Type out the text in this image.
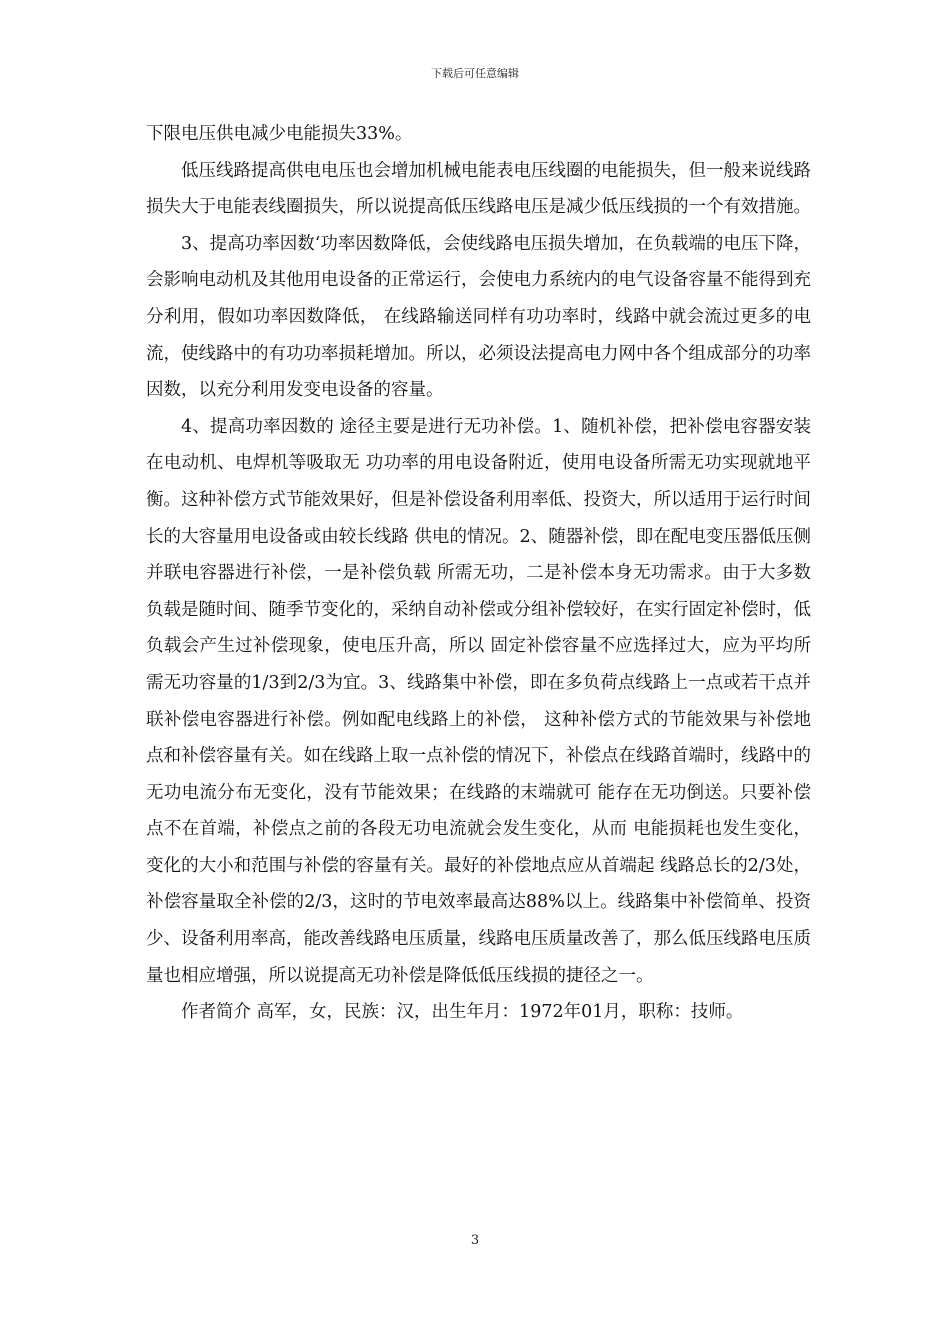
下载后可任意编辑

下限电压供电减少电能损失33%。

低压线路提高供电电压也会增加机械电能表电压线圈的电能损失，但一般来说线路损失大于电能表线圈损失，所以说提高低压线路电压是减少低压线损的一个有效措施。

3、提高功率因数‘功率因数降低，会使线路电压损失增加，在负载端的电压下降，会影响电动机及其他用电设备的正常运行，会使电力系统内的电气设备容量不能得到充分利用，假如功率因数降低， 在线路输送同样有功功率时，线路中就会流过更多的电流，使线路中的有功功率损耗增加。所以，必须设法提高电力网中各个组成部分的功率因数，以充分利用发变电设备的容量。

4、提高功率因数的 途径主要是进行无功补偿。1、随机补偿，把补偿电容器安装在电动机、电焊机等吸取无 功功率的用电设备附近，使用电设备所需无功实现就地平衡。这种补偿方式节能效果好，但是补偿设备利用率低、投资大，所以适用于运行时间长的大容量用电设备或由较长线路 供电的情况。2、随器补偿，即在配电变压器低压侧并联电容器进行补偿，一是补偿负载 所需无功，二是补偿本身无功需求。由于大多数负载是随时间、随季节变化的，采纳自动补偿或分组补偿较好，在实行固定补偿时，低负载会产生过补偿现象，使电压升高，所以 固定补偿容量不应选择过大，应为平均所需无功容量的1/3到2/3为宜。3、线路集中补偿，即在多负荷点线路上一点或若干点并联补偿电容器进行补偿。例如配电线路上的补偿， 这种补偿方式的节能效果与补偿地点和补偿容量有关。如在线路上取一点补偿的情况下，补偿点在线路首端时，线路中的无功电流分布无变化，没有节能效果；在线路的末端就可 能存在无功倒送。只要补偿点不在首端，补偿点之前的各段无功电流就会发生变化，从而 电能损耗也发生变化，变化的大小和范围与补偿的容量有关。最好的补偿地点应从首端起 线路总长的2/3处，补偿容量取全补偿的2/3，这时的节电效率最高达88%以上。线路集中补偿简单、投资少、设备利用率高，能改善线路电压质量，线路电压质量改善了，那么低压线路电压质量也相应增强，所以说提高无功补偿是降低低压线损的捷径之一。

作者简介 高军，女，民族：汉，出生年月：1972年01月，职称：技师。

3
